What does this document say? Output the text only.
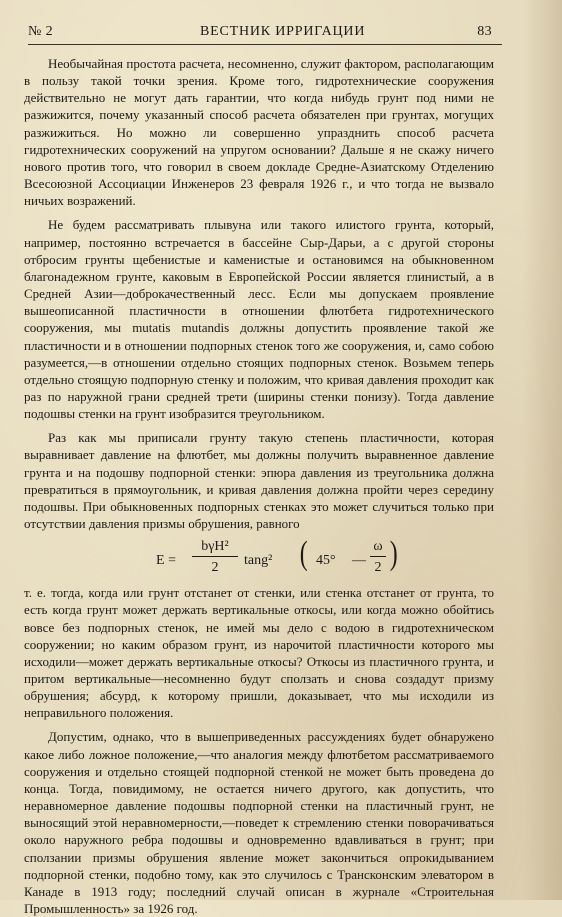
№ 2	ВЕСТНИК ИРРИГАЦИИ	83

Необычайная простота расчета, несомненно, служит фактором, располагающим в пользу такой точки зрения. Кроме того, гидротехнические сооружения действительно не могут дать гарантии, что когда нибудь грунт под ними не разжижится, почему указанный способ расчета обязателен при грунтах, могущих разжижиться. Но можно ли совершенно упразднить способ расчета гидротехнических сооружений на упругом основании? Дальше я не скажу ничего нового против того, что говорил в своем докладе Средне-Азиатскому Отделению Всесоюзной Ассоциации Инженеров 23 февраля 1926 г., и что тогда не вызвало ничьих возражений.

Не будем рассматривать плывуна или такого илистого грунта, который, например, постоянно встречается в бассейне Сыр-Дарьи, а с другой стороны отбросим грунты щебенистые и каменистые и остановимся на обыкновенном благонадежном грунте, каковым в Европейской России является глинистый, а в Средней Азии—доброкачественный лесс. Если мы допускаем проявление вышеописанной пластичности в отношении флютбета гидротехнического сооружения, мы mutatis mutandis должны допустить проявление такой же пластичности и в отношении подпорных стенок того же сооружения, и, само собою разумеется,—в отношении отдельно стоящих подпорных стенок. Возьмем теперь отдельно стоящую подпорную стенку и положим, что кривая давления проходит как раз по наружной грани средней трети (ширины стенки понизу). Тогда давление подошвы стенки на грунт изобразится треугольником.

Раз как мы приписали грунту такую степень пластичности, которая выравнивает давление на флютбет, мы должны получить выравненное давление грунта и на подошву подпорной стенки: эпюра давления из треугольника должна превратиться в прямоугольник, и кривая давления должна пройти через середину подошвы. При обыкновенных подпорных стенках это может случиться только при отсутствии давления призмы обрушения, равного

E =
bγH²
2	tang² ( 45° — $\frac{\omega}{2}$ )

т. е. тогда, когда или грунт отстанет от стенки, или стенка отстанет от грунта, то есть когда грунт может держать вертикальные откосы, или когда можно обойтись вовсе без подпорных стенок, не имей мы дело с водою в гидротехническом сооружении; но каким образом грунт, из нарочитой пластичности которого мы исходили—может держать вертикальные откосы? Откосы из пластичного грунта, и притом вертикальные—несомненно будут сползать и снова создадут призму обрушения; абсурд, к которому пришли, доказывает, что мы исходили из неправильного положения.

Допустим, однако, что в вышеприведенных рассуждениях будет обнаружено какое либо ложное положение,—что аналогия между флютбетом рассматриваемого сооружения и отдельно стоящей подпорной стенкой не может быть проведена до конца. Тогда, повидимому, не остается ничего другого, как допустить, что неравномерное давление подошвы подпорной стенки на пластичный грунт, не выносящий этой неравномерности,—поведет к стремлению стенки поворачиваться около наружного ребра подошвы и одновременно вдавливаться в грунт; при сползании призмы обрушения явление может закончиться опрокидыванием подпорной стенки, подобно тому, как это случилось с Трансконским элеватором в Канаде в 1913 году; последний случай описан в журнале «Строительная Промышленность» за 1926 год.
